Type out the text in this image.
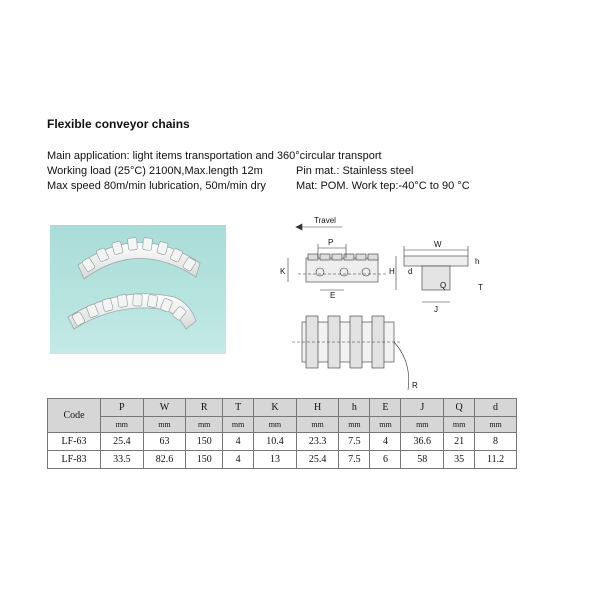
Flexible conveyor chains
Main application: light items transportation and 360°circular transport
Working load (25°C) 2100N,Max.length 12m
Max speed 80m/min lubrication, 50m/min dry
Pin mat.: Stainless steel
Mat: POM. Work tep:-40°C to 90 °C
Travel
P
K
E
W
H d
h
Q
J
T
R
Code	P	W	R	T	K	H	h	E	J	Q	d
	mm	mm	mm	mm	mm	mm	mm	mm	mm	mm	mm
LF-63	25.4	63	150	4	10.4	23.3	7.5	4	36.6	21	8
LF-83	33.5	82.6	150	4	13	25.4	7.5	6	58	35	11.2
